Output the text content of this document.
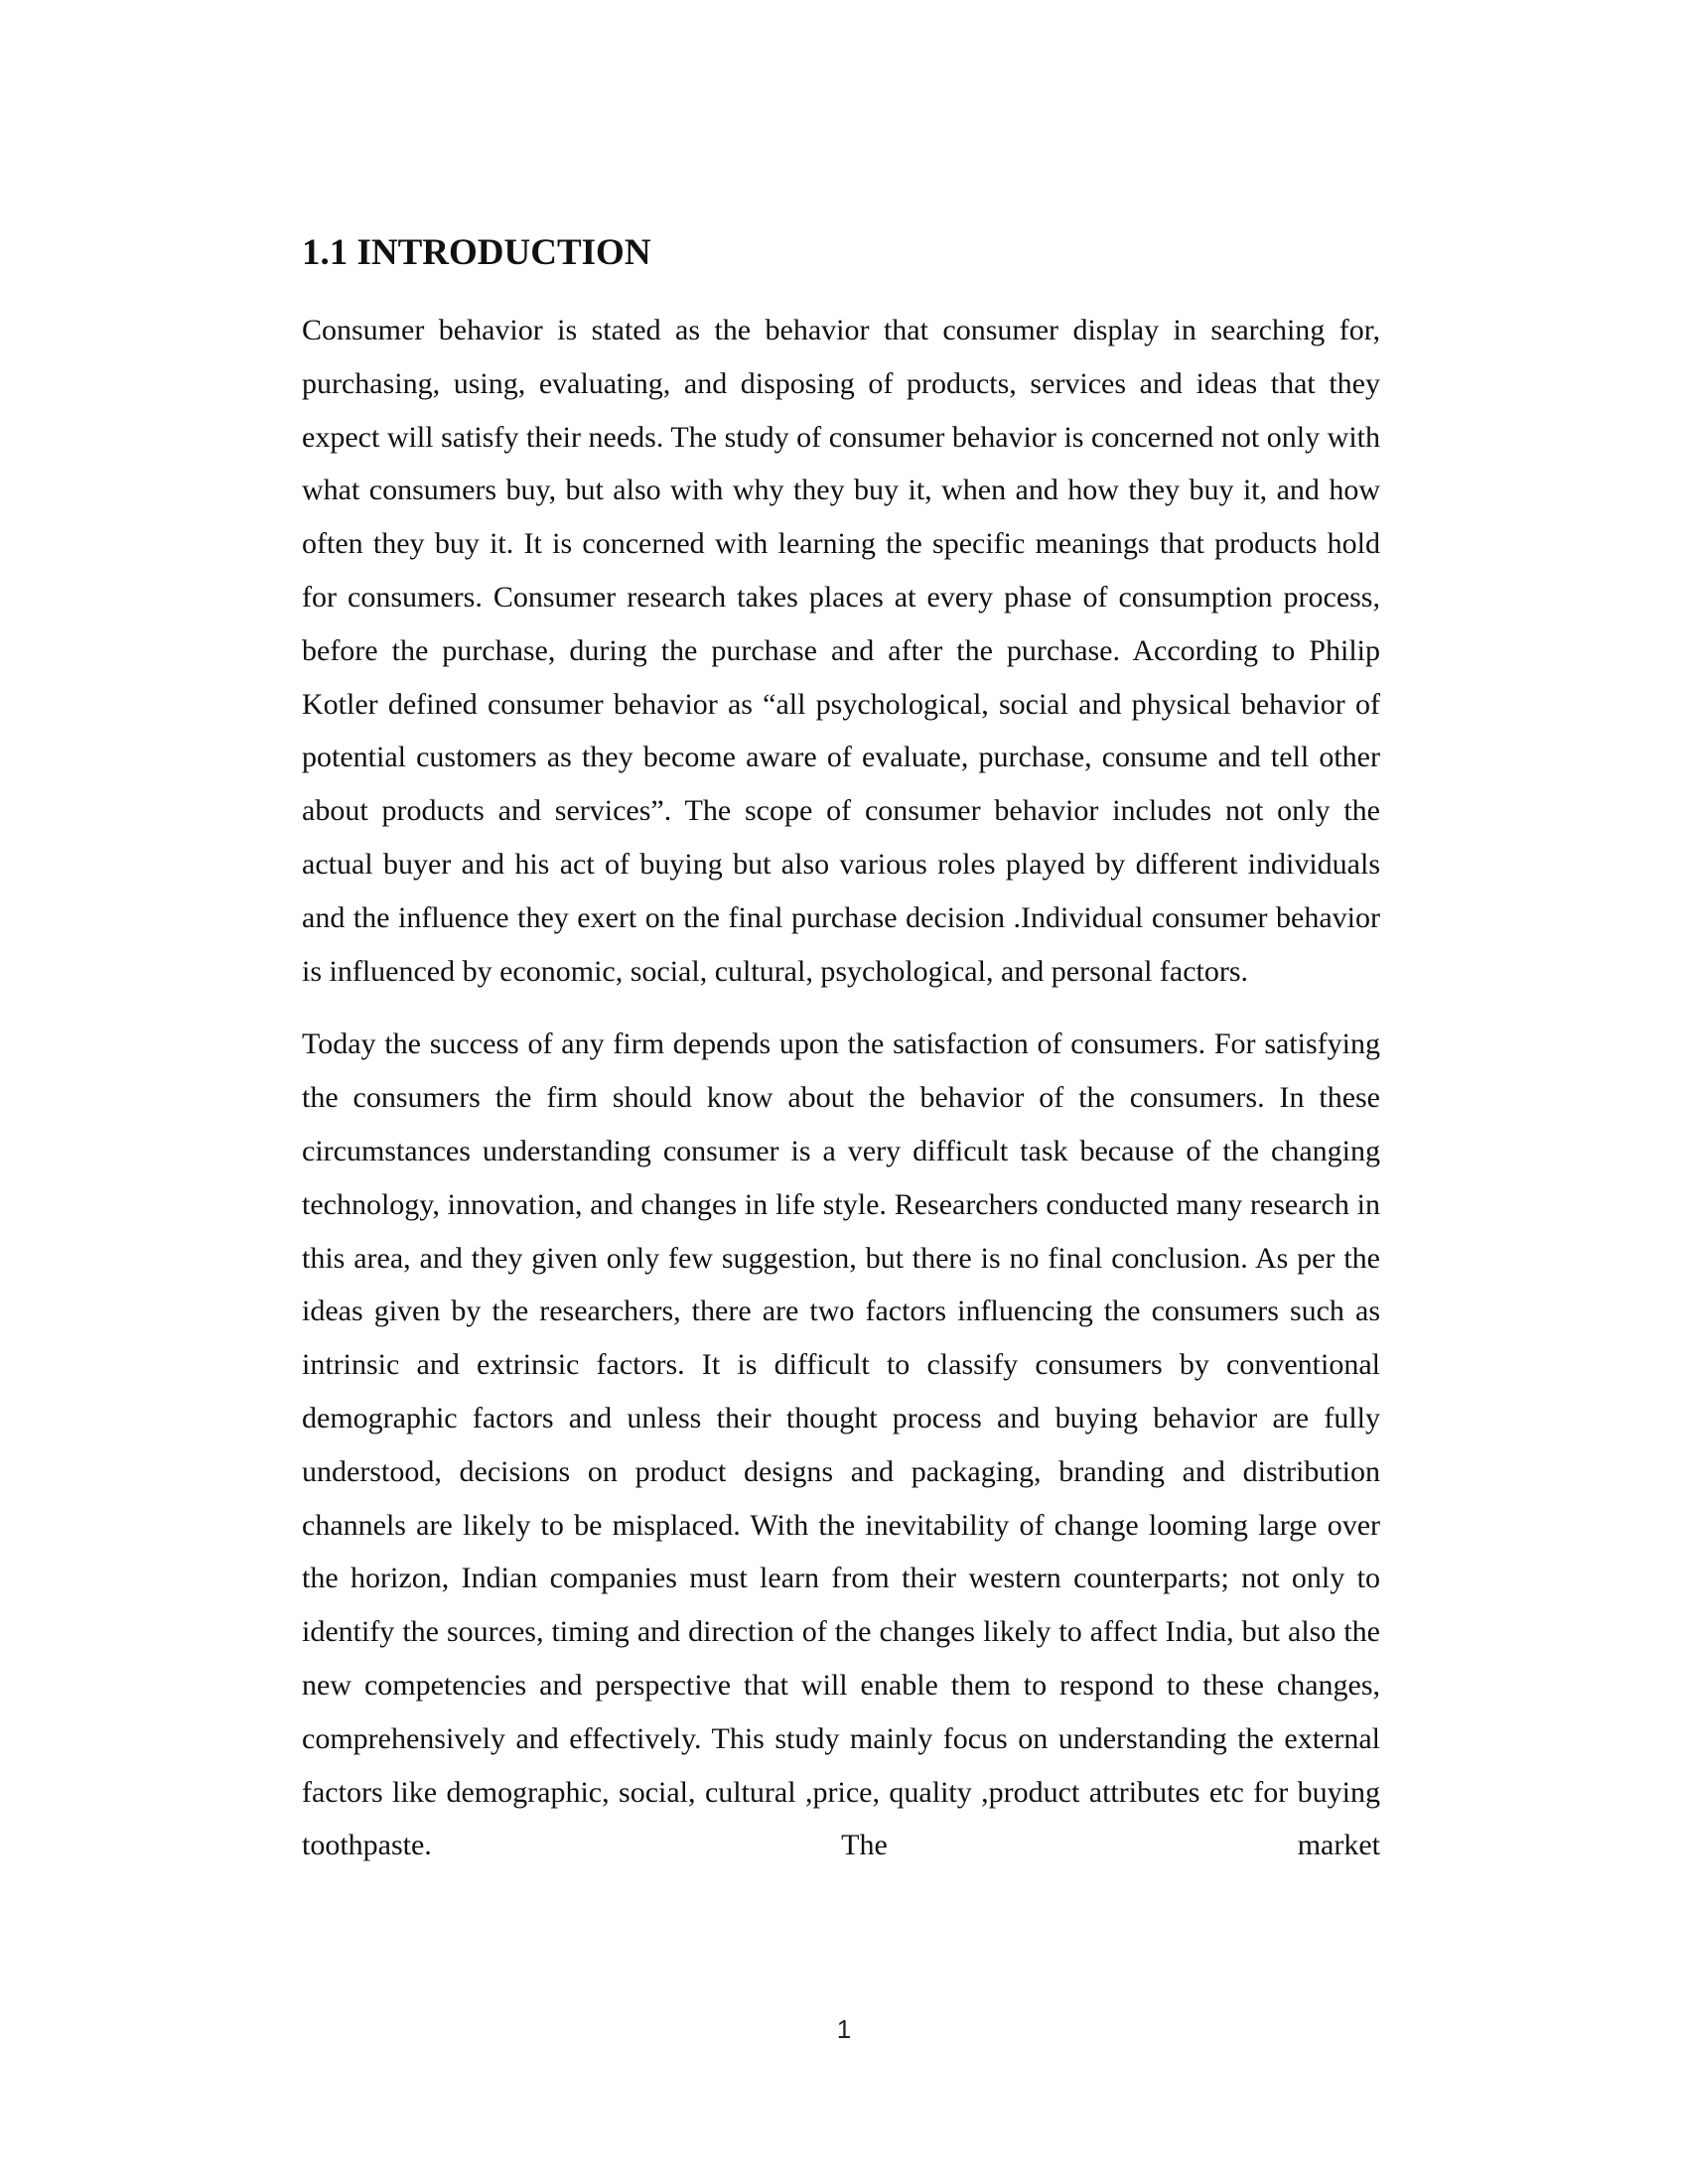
1.1 INTRODUCTION

Consumer behavior is stated as the behavior that consumer display in searching for, purchasing, using, evaluating, and disposing of products, services and ideas that they expect will satisfy their needs. The study of consumer behavior is concerned not only with what consumers buy, but also with why they buy it, when and how they buy it, and how often they buy it. It is concerned with learning the specific meanings that products hold for consumers. Consumer research takes places at every phase of consumption process, before the purchase, during the purchase and after the purchase. According to Philip Kotler defined consumer behavior as “all psychological, social and physical behavior of potential customers as they become aware of evaluate, purchase, consume and tell other about products and services”. The scope of consumer behavior includes not only the actual buyer and his act of buying but also various roles played by different individuals and the influence they exert on the final purchase decision .Individual consumer behavior is influenced by economic, social, cultural, psychological, and personal factors.

Today the success of any firm depends upon the satisfaction of consumers. For satisfying the consumers the firm should know about the behavior of the consumers. In these circumstances understanding consumer is a very difficult task because of the changing technology, innovation, and changes in life style. Researchers conducted many research in this area, and they given only few suggestion, but there is no final conclusion. As per the ideas given by the researchers, there are two factors influencing the consumers such as intrinsic and extrinsic factors. It is difficult to classify consumers by conventional demographic factors and unless their thought process and buying behavior are fully understood, decisions on product designs and packaging, branding and distribution channels are likely to be misplaced. With the inevitability of change looming large over the horizon, Indian companies must learn from their western counterparts; not only to identify the sources, timing and direction of the changes likely to affect India, but also the new competencies and perspective that will enable them to respond to these changes, comprehensively and effectively. This study mainly focus on understanding the external factors like demographic, social, cultural ,price, quality ,product attributes etc for buying toothpaste. The market

1
